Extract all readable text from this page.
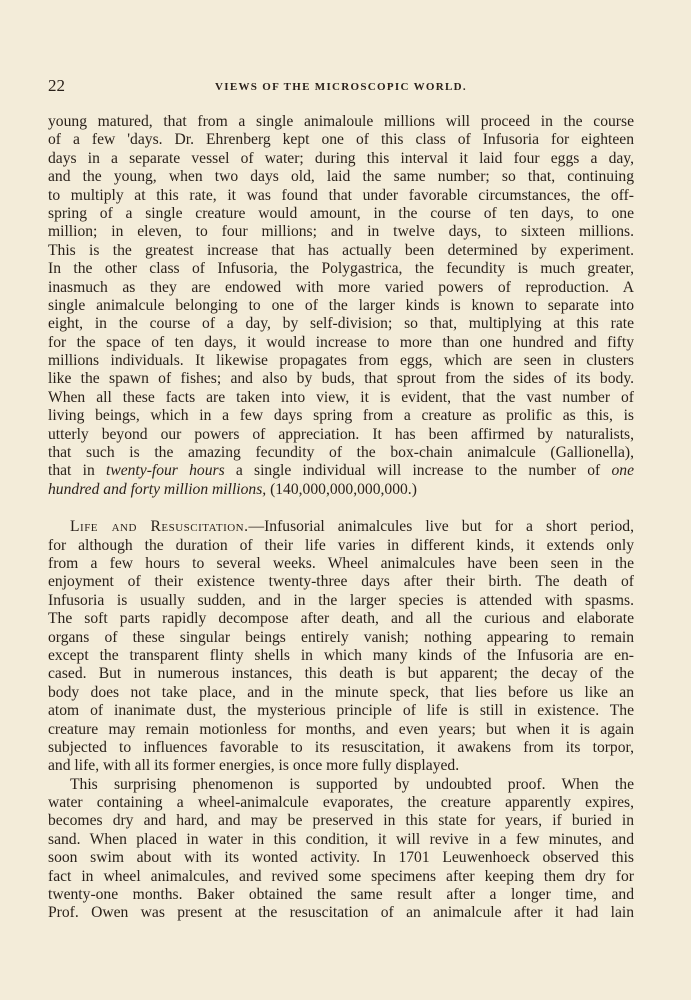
22	VIEWS OF THE MICROSCOPIC WORLD.
young matured, that from a single animaloule millions will proceed in the course
of a few 'days. Dr. Ehrenberg kept one of this class of Infusoria for eighteen
days in a separate vessel of water; during this interval it laid four eggs a day,
and the young, when two days old, laid the same number; so that, continuing
to multiply at this rate, it was found that under favorable circumstances, the off-
spring of a single creature would amount, in the course of ten days, to one
million; in eleven, to four millions; and in twelve days, to sixteen millions.
This is the greatest increase that has actually been determined by experiment.
In the other class of Infusoria, the Polygastrica, the fecundity is much greater,
inasmuch as they are endowed with more varied powers of reproduction. A
single animalcule belonging to one of the larger kinds is known to separate into
eight, in the course of a day, by self-division; so that, multiplying at this rate
for the space of ten days, it would increase to more than one hundred and fifty
millions individuals. It likewise propagates from eggs, which are seen in clusters
like the spawn of fishes; and also by buds, that sprout from the sides of its body.
When all these facts are taken into view, it is evident, that the vast number of
living beings, which in a few days spring from a creature as prolific as this, is
utterly beyond our powers of appreciation. It has been affirmed by naturalists,
that such is the amazing fecundity of the box-chain animalcule (Gallionella),
that in twenty-four hours a single individual will increase to the number of one
hundred and forty million millions, (140,000,000,000,000.)
Life and Resuscitation.—Infusorial animalcules live but for a short period,
for although the duration of their life varies in different kinds, it extends only
from a few hours to several weeks. Wheel animalcules have been seen in the
enjoyment of their existence twenty-three days after their birth. The death of
Infusoria is usually sudden, and in the larger species is attended with spasms.
The soft parts rapidly decompose after death, and all the curious and elaborate
organs of these singular beings entirely vanish; nothing appearing to remain
except the transparent flinty shells in which many kinds of the Infusoria are en-
cased. But in numerous instances, this death is but apparent; the decay of the
body does not take place, and in the minute speck, that lies before us like an
atom of inanimate dust, the mysterious principle of life is still in existence. The
creature may remain motionless for months, and even years; but when it is again
subjected to influences favorable to its resuscitation, it awakens from its torpor,
and life, with all its former energies, is once more fully displayed.
This surprising phenomenon is supported by undoubted proof. When the
water containing a wheel-animalcule evaporates, the creature apparently expires,
becomes dry and hard, and may be preserved in this state for years, if buried in
sand. When placed in water in this condition, it will revive in a few minutes, and
soon swim about with its wonted activity. In 1701 Leuwenhoeck observed this
fact in wheel animalcules, and revived some specimens after keeping them dry for
twenty-one months. Baker obtained the same result after a longer time, and
Prof. Owen was present at the resuscitation of an animalcule after it had lain
